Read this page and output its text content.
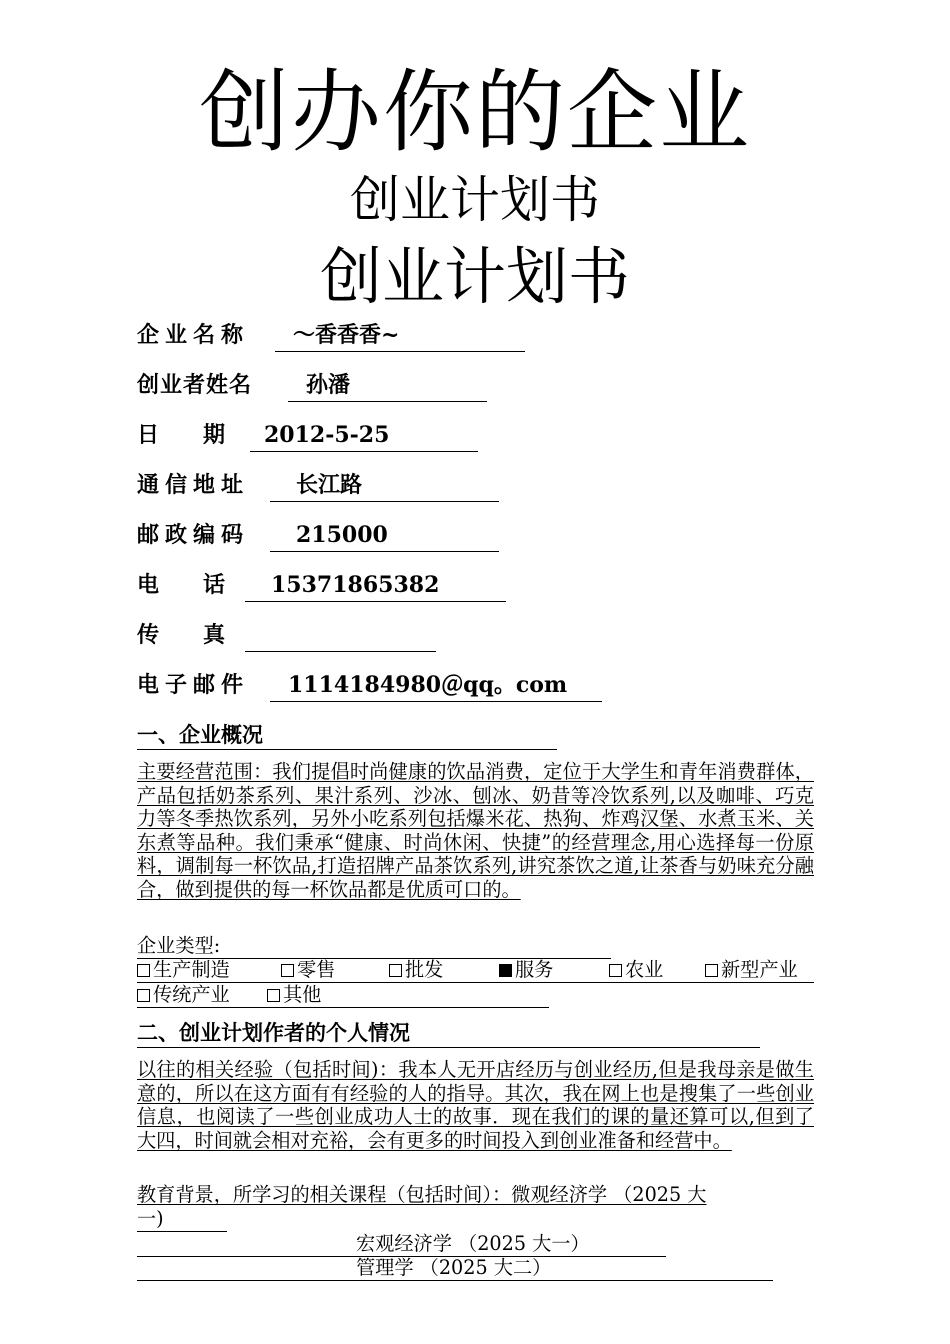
创办你的企业
创业计划书
创业计划书
企业名称	～香香香~
创业者姓名	孙潘
日　　期	2012-5-25
通信地址	长江路
邮政编码	215000
电　　话	15371865382
传　　真
电子邮件	1114184980＠qq。com
一、企业概况
主要经营范围：我们提倡时尚健康的饮品消费，定位于大学生和青年消费群体，产品包括奶茶系列、果汁系列、沙冰、刨冰、奶昔等冷饮系列,以及咖啡、巧克力等冬季热饮系列，另外小吃系列包括爆米花、热狗、炸鸡汉堡、水煮玉米、关东煮等品种。我们秉承“健康、时尚休闲、快捷”的经营理念,用心选择每一份原料，调制每一杯饮品,打造招牌产品茶饮系列,讲究茶饮之道,让茶香与奶味充分融合，做到提供的每一杯饮品都是优质可口的。
企业类型:
生产制造	零售	批发	服务	农业	新型产业
传统产业	其他
二、创业计划作者的个人情况
以往的相关经验（包括时间)：我本人无开店经历与创业经历,但是我母亲是做生意的，所以在这方面有有经验的人的指导。其次，我在网上也是搜集了一些创业信息，也阅读了一些创业成功人士的故事．现在我们的课的量还算可以,但到了大四，时间就会相对充裕，会有更多的时间投入到创业准备和经营中。
教育背景，所学习的相关课程（包括时间）：微观经济学 （2025 大
一)
宏观经济学 （2025 大一）
管理学 （2025 大二）
